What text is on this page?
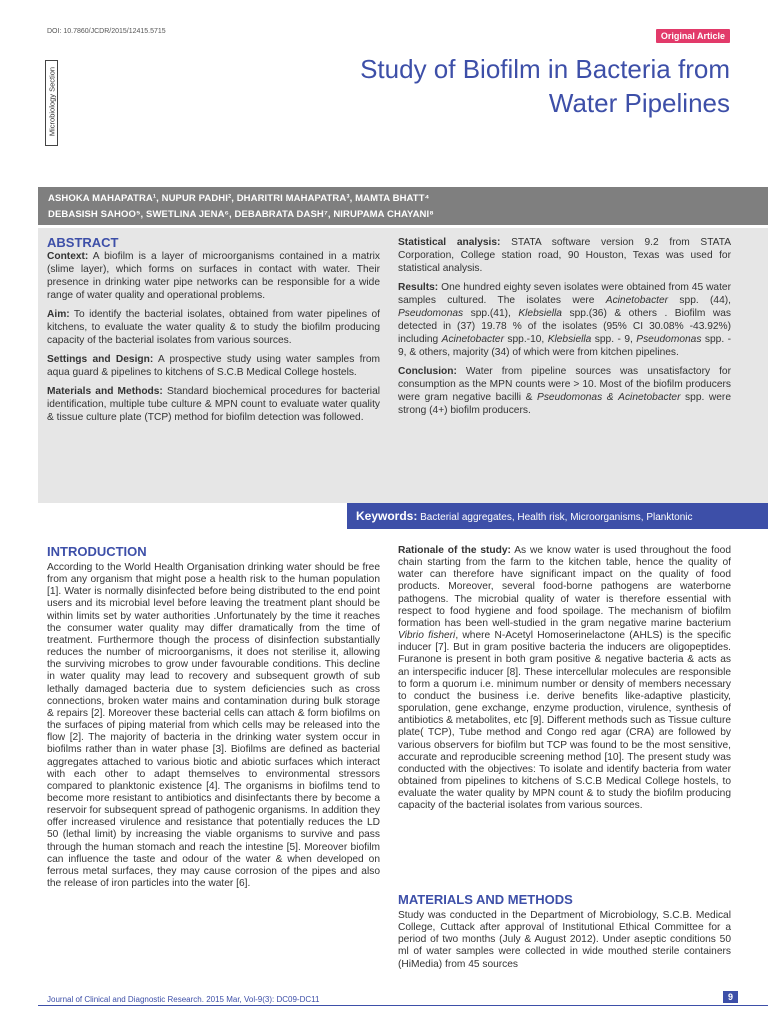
DOI: 10.7860/JCDR/2015/12415.5715	Original Article
Microbiology Section	Study of Biofilm in Bacteria from
Water Pipelines
ASHOKA MAHAPATRA¹, NUPUR PADHI², DHARITRI MAHAPATRA³, MAMTA BHATT⁴
DEBASISH SAHOO⁵, SWETLINA JENA⁶, DEBABRATA DASH⁷, NIRUPAMA CHAYANI⁸
ABSTRACT

Context: A biofilm is a layer of microorganisms contained in a matrix (slime layer), which forms on surfaces in contact with water. Their presence in drinking water pipe networks can be responsible for a wide range of water quality and operational problems.

Aim: To identify the bacterial isolates, obtained from water pipelines of kitchens, to evaluate the water quality & to study the biofilm producing capacity of the bacterial isolates from various sources.

Settings and Design: A prospective study using water samples from aqua guard & pipelines to kitchens of S.C.B Medical College hostels.

Materials and Methods: Standard biochemical procedures for bacterial identification, multiple tube culture & MPN count to evaluate water quality & tissue culture plate (TCP) method for biofilm detection was followed.

Statistical analysis: STATA software version 9.2 from STATA Corporation, College station road, 90 Houston, Texas was used for statistical analysis.

Results: One hundred eighty seven isolates were obtained from 45 water samples cultured. The isolates were Acinetobacter spp. (44), Pseudomonas spp.(41), Klebsiella spp.(36) & others . Biofilm was detected in (37) 19.78 % of the isolates (95% CI 30.08% -43.92%) including Acinetobacter spp.-10, Klebsiella spp. - 9, Pseudomonas spp. - 9, & others, majority (34) of which were from kitchen pipelines.

Conclusion: Water from pipeline sources was unsatisfactory for consumption as the MPN counts were > 10. Most of the biofilm producers were gram negative bacilli & Pseudomonas & Acinetobacter spp. were strong (4+) biofilm producers.

Keywords: Bacterial aggregates, Health risk, Microorganisms, Planktonic
INTRODUCTION

According to the World Health Organisation drinking water should be free from any organism that might pose a health risk to the human population [1]. Water is normally disinfected before being distributed to the end point users and its microbial level before leaving the treatment plant should be within limits set by water authorities .Unfortunately by the time it reaches the consumer water quality may differ dramatically from the time of treatment. Furthermore though the process of disinfection substantially reduces the number of microorganisms, it does not sterilise it, allowing the surviving microbes to grow under favourable conditions. This decline in water quality may lead to recovery and subsequent growth of sub lethally damaged bacteria due to system deficiencies such as cross connections, broken water mains and contamination during bulk storage & repairs [2]. Moreover these bacterial cells can attach & form biofilms on the surfaces of piping material from which cells may be released into the flow [2]. The majority of bacteria in the drinking water system occur in biofilms rather than in water phase [3]. Biofilms are defined as bacterial aggregates attached to various biotic and abiotic surfaces which interact with each other to adapt themselves to environmental stressors compared to planktonic existence [4]. The organisms in biofilms tend to become more resistant to antibiotics and disinfectants there by become a reservoir for subsequent spread of pathogenic organisms. In addition they offer increased virulence and resistance that potentially reduces the LD 50 (lethal limit) by increasing the viable organisms to survive and pass through the human stomach and reach the intestine [5]. Moreover biofilm can influence the taste and odour of the water & when developed on ferrous metal surfaces, they may cause corrosion of the pipes and also the release of iron particles into the water [6].

Rationale of the study: As we know water is used throughout the food chain starting from the farm to the kitchen table, hence the quality of water can therefore have significant impact on the quality of food products. Moreover, several food-borne pathogens are waterborne pathogens. The microbial quality of water is therefore essential with respect to food hygiene and food spoilage. The mechanism of biofilm formation has been well-studied in the gram negative marine bacterium Vibrio fisheri, where N-Acetyl Homoserinelactone (AHLS) is the specific inducer [7]. But in gram positive bacteria the inducers are oligopeptides. Furanone is present in both gram positive & negative bacteria & acts as an interspecific inducer [8]. These intercellular molecules are responsible to form a quorum i.e. minimum number or density of members necessary to conduct the business i.e. derive benefits like-adaptive plasticity, sporulation, gene exchange, enzyme production, virulence, synthesis of antibiotics & metabolites, etc [9]. Different methods such as Tissue culture plate( TCP), Tube method and Congo red agar (CRA) are followed by various observers for biofilm but TCP was found to be the most sensitive, accurate and reproducible screening method [10]. The present study was conducted with the objectives: To isolate and identify bacteria from water obtained from pipelines to kitchens of S.C.B Medical College hostels, to evaluate the water quality by MPN count & to study the biofilm producing capacity of the bacterial isolates from various sources.

MATERIALS AND METHODS

Study was conducted in the Department of Microbiology, S.C.B. Medical College, Cuttack after approval of Institutional Ethical Committee for a period of two months (July & August 2012). Under aseptic conditions 50 ml of water samples were collected in wide mouthed sterile containers (HiMedia) from 45 sources

Journal of Clinical and Diagnostic Research. 2015 Mar, Vol-9(3): DC09-DC11	9
